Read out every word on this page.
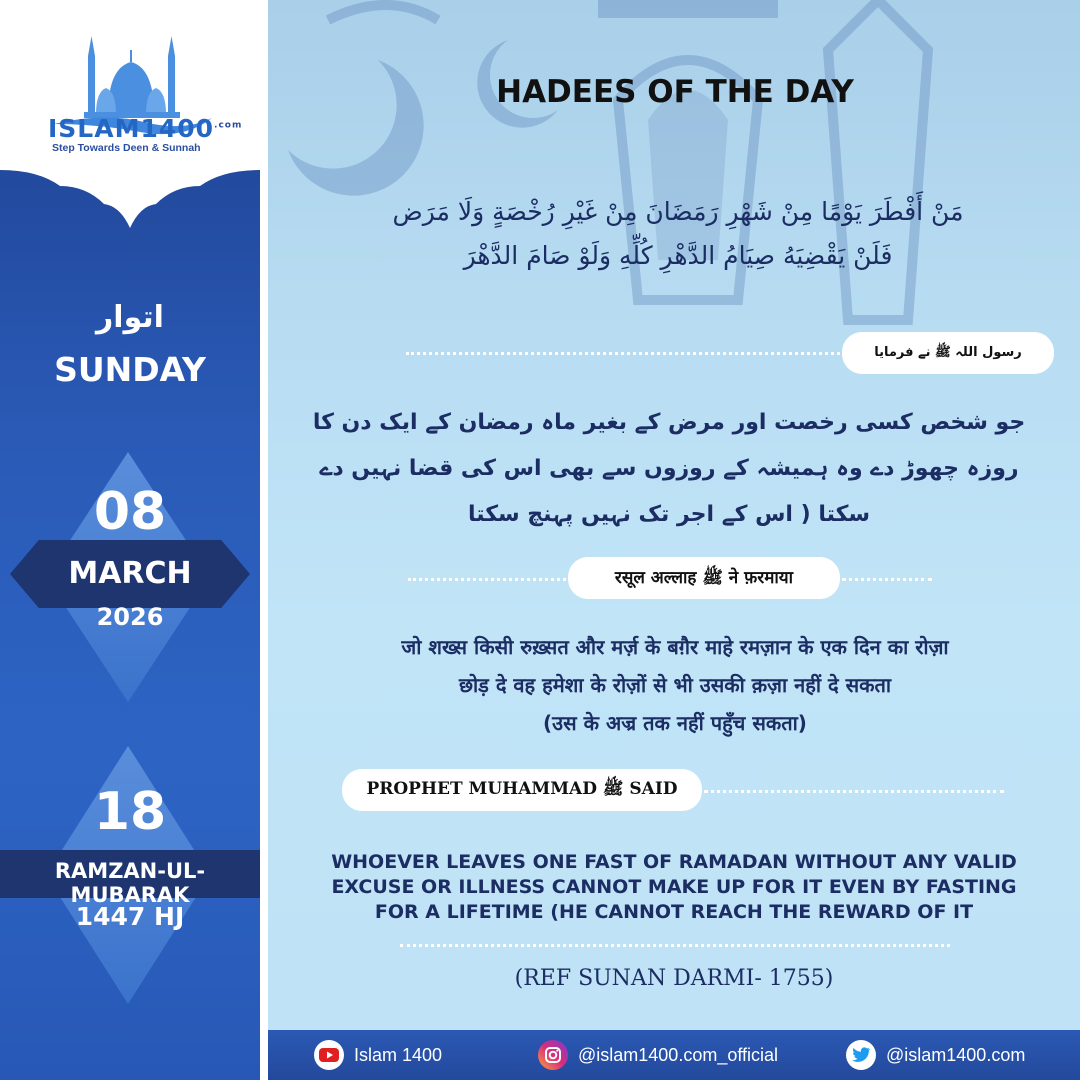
$ISLAM1400^{.com}$
Step Towards Deen & Sunnah
اتوار
SUNDAY
08
MARCH
2026
18
RAMZAN-UL-MUBARAK
1447 HJ
HADEES OF THE DAY
مَنْ أَفْطَرَ يَوْمًا مِنْ شَهْرِ رَمَضَانَ مِنْ غَيْرِ رُخْصَةٍ وَلَا مَرَض
فَلَنْ يَقْضِيَهُ صِيَامُ الدَّهْرِ كُلِّهِ وَلَوْ صَامَ الدَّهْرَ
رسول اللہ ﷺ نے فرمایا
جو شخص کسی رخصت اور مرض کے بغیر ماہ رمضان کے ایک دن کا روزہ چھوڑ دے وہ ہمیشہ کے روزوں سے بھی اس کی قضا نہیں دے سکتا ( اس کے اجر تک نہیں پہنچ سکتا
रसूल अल्लाह ﷺ ने फ़रमाया
जो शख्स किसी रुख़्सत और मर्ज़ के बग़ैर माहे रमज़ान के एक दिन का रोज़ा
छोड़ दे वह हमेशा के रोज़ों से भी उसकी क़ज़ा नहीं दे सकता
(उस के अज्र तक नहीं पहुँच सकता)
PROPHET MUHAMMAD ﷺ SAID
WHOEVER LEAVES ONE FAST OF RAMADAN WITHOUT ANY VALID
EXCUSE OR ILLNESS CANNOT MAKE UP FOR IT EVEN BY FASTING
FOR A LIFETIME (HE CANNOT REACH THE REWARD OF IT
(REF SUNAN DARMI- 1755)
Islam 1400	@islam1400.com_official	@islam1400.com
